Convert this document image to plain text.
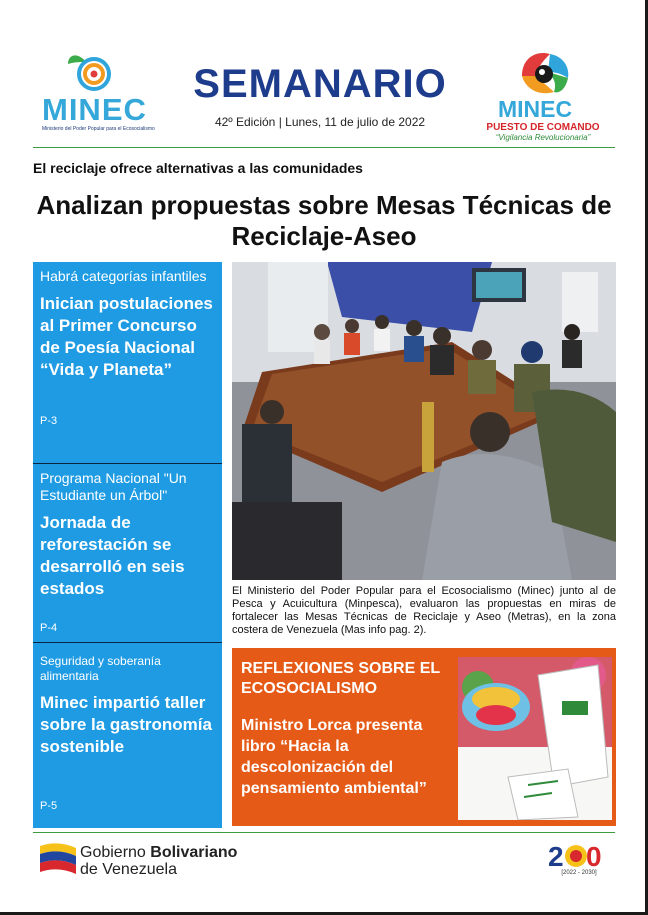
MINEC
Ministerio del Poder Popular para el Ecosocialismo
SEMANARIO
42º Edición | Lunes, 11 de julio de 2022	MINEC
PUESTO DE COMANDO
“Vigilancia Revolucionaria”
El reciclaje ofrece alternativas a las comunidades
Analizan propuestas sobre Mesas Técnicas de Reciclaje-Aseo
Habrá categorías infantiles
Inician postulaciones al Primer Concurso de Poesía Nacional “Vida y Planeta”
P-3
Programa Nacional "Un Estudiante un Árbol"
Jornada de reforestación se desarrolló en seis estados
P-4
Seguridad y soberanía alimentaria
Minec impartió taller sobre la gastronomía sostenible
P-5
El Ministerio del Poder Popular para el Ecosocialismo (Minec) junto al de Pesca y Acuicultura (Minpesca), evaluaron las propuestas en miras de fortalecer las Mesas Técnicas de Reciclaje y Aseo (Metras), en la zona costera de Venezuela (Mas info pag. 2).
REFLEXIONES SOBRE EL ECOSOCIALISMO
Ministro Lorca presenta libro “Hacia la descolonización del pensamiento ambiental”
Gobierno Bolivariano
de Venezuela	2 0
[2022 - 2030]
